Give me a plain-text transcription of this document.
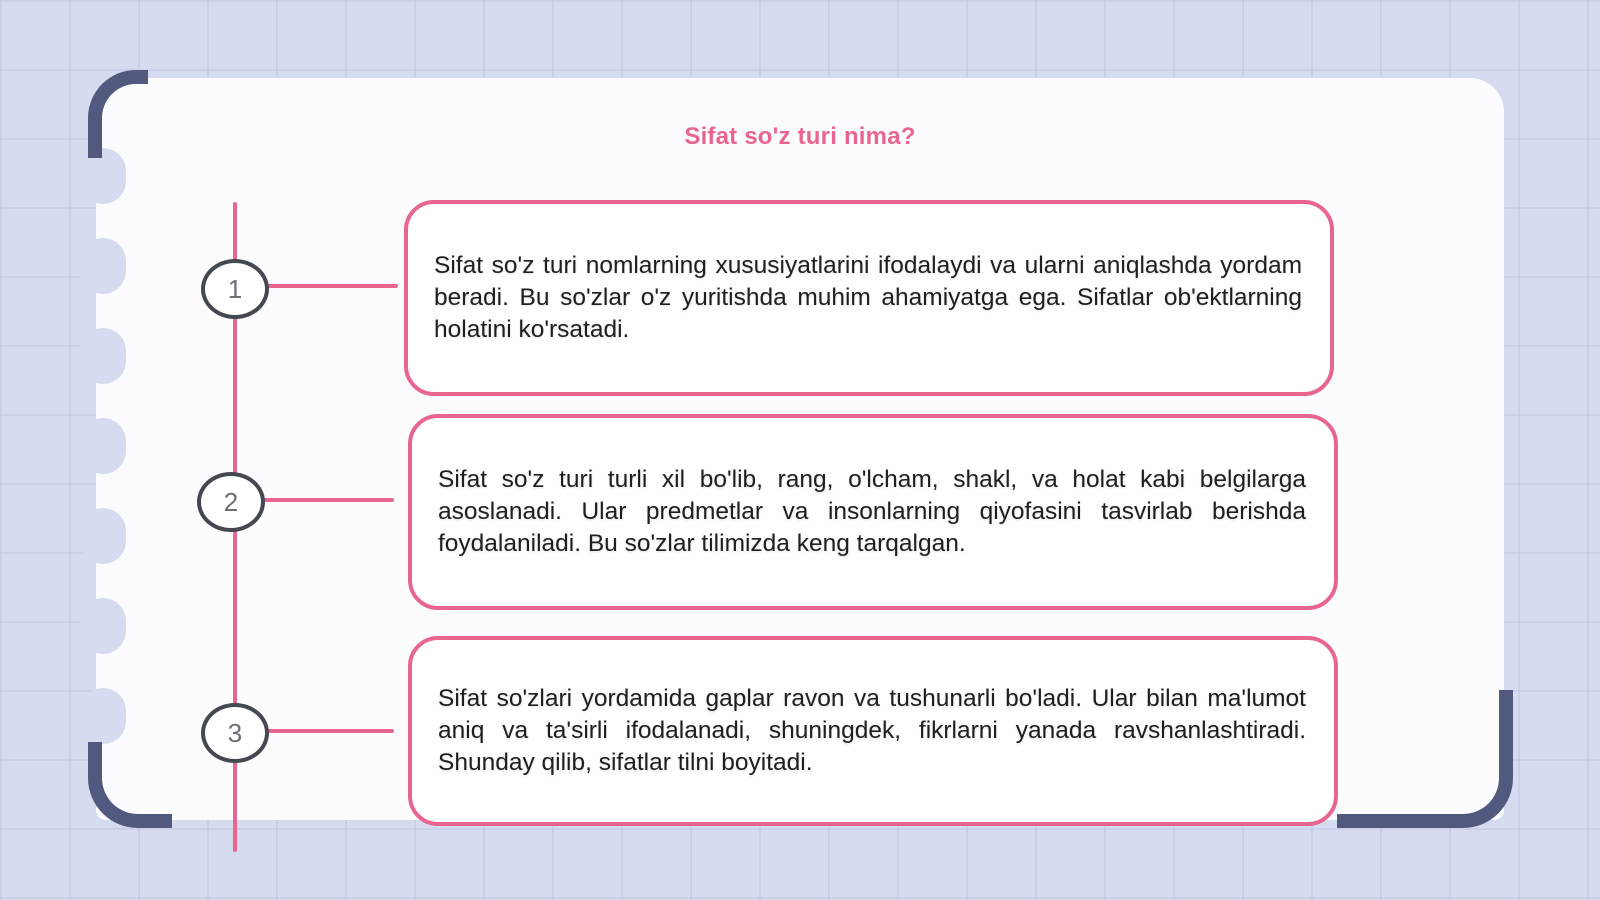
Sifat so'z turi nima?
1
Sifat so'z turi nomlarning xususiyatlarini ifodalaydi va ularni aniqlashda yordam beradi. Bu so'zlar o'z yuritishda muhim ahamiyatga ega. Sifatlar ob'ektlarning holatini ko'rsatadi.
2
Sifat so'z turi turli xil bo'lib, rang, o'lcham, shakl, va holat kabi belgilarga asoslanadi. Ular predmetlar va insonlarning qiyofasini tasvirlab berishda foydalaniladi. Bu so'zlar tilimizda keng tarqalgan.
3
Sifat so'zlari yordamida gaplar ravon va tushunarli bo'ladi. Ular bilan ma'lumot aniq va ta'sirli ifodalanadi, shuningdek, fikrlarni yanada ravshanlashtiradi. Shunday qilib, sifatlar tilni boyitadi.
